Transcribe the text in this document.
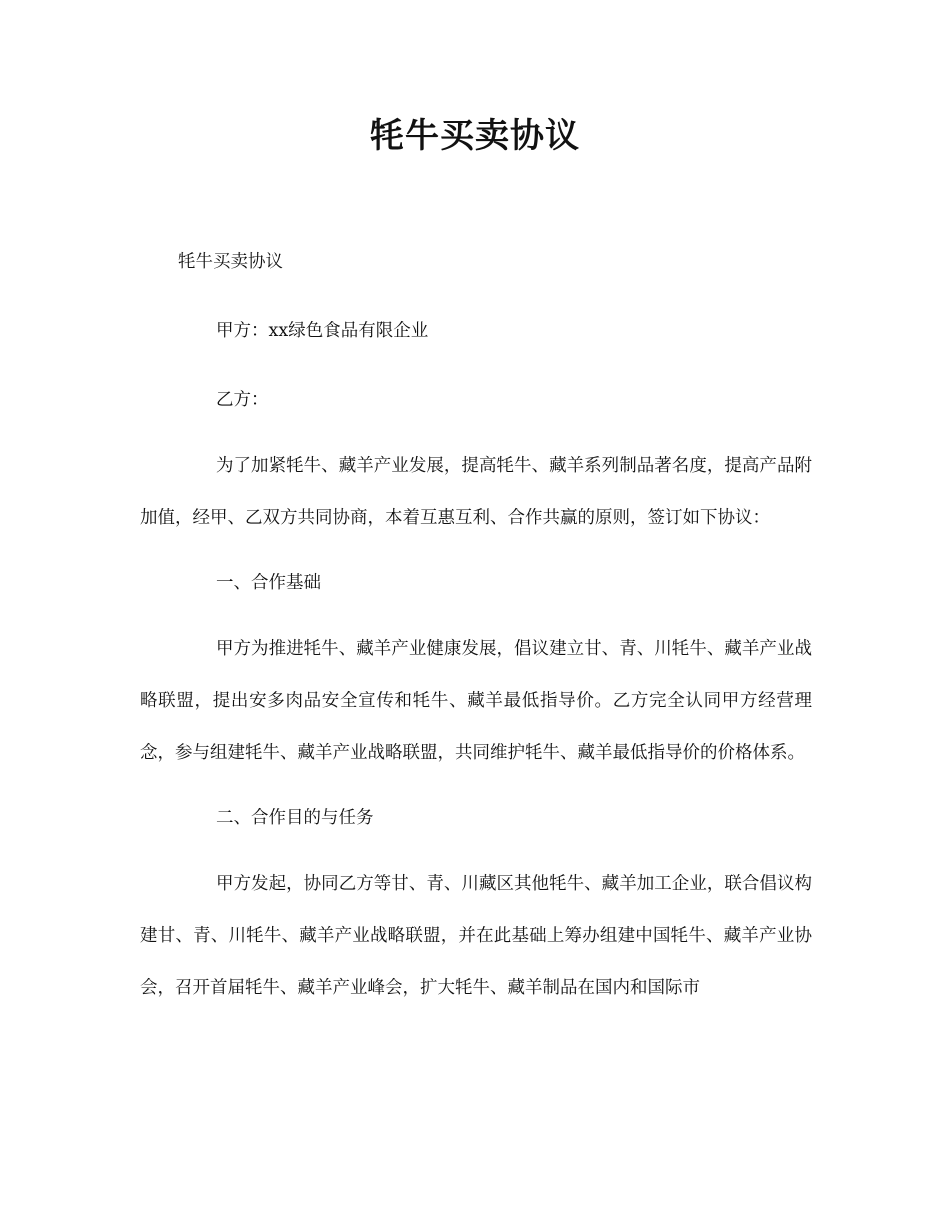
牦牛买卖协议

牦牛买卖协议

甲方：xx绿色食品有限企业

乙方：

为了加紧牦牛、藏羊产业发展，提高牦牛、藏羊系列制品著名度，提高产品附加值，经甲、乙双方共同协商，本着互惠互利、合作共赢的原则，签订如下协议：

一、合作基础

甲方为推进牦牛、藏羊产业健康发展，倡议建立甘、青、川牦牛、藏羊产业战略联盟，提出安多肉品安全宣传和牦牛、藏羊最低指导价。乙方完全认同甲方经营理念，参与组建牦牛、藏羊产业战略联盟，共同维护牦牛、藏羊最低指导价的价格体系。

二、合作目的与任务

甲方发起，协同乙方等甘、青、川藏区其他牦牛、藏羊加工企业，联合倡议构建甘、青、川牦牛、藏羊产业战略联盟，并在此基础上筹办组建中国牦牛、藏羊产业协会，召开首届牦牛、藏羊产业峰会，扩大牦牛、藏羊制品在国内和国际市
